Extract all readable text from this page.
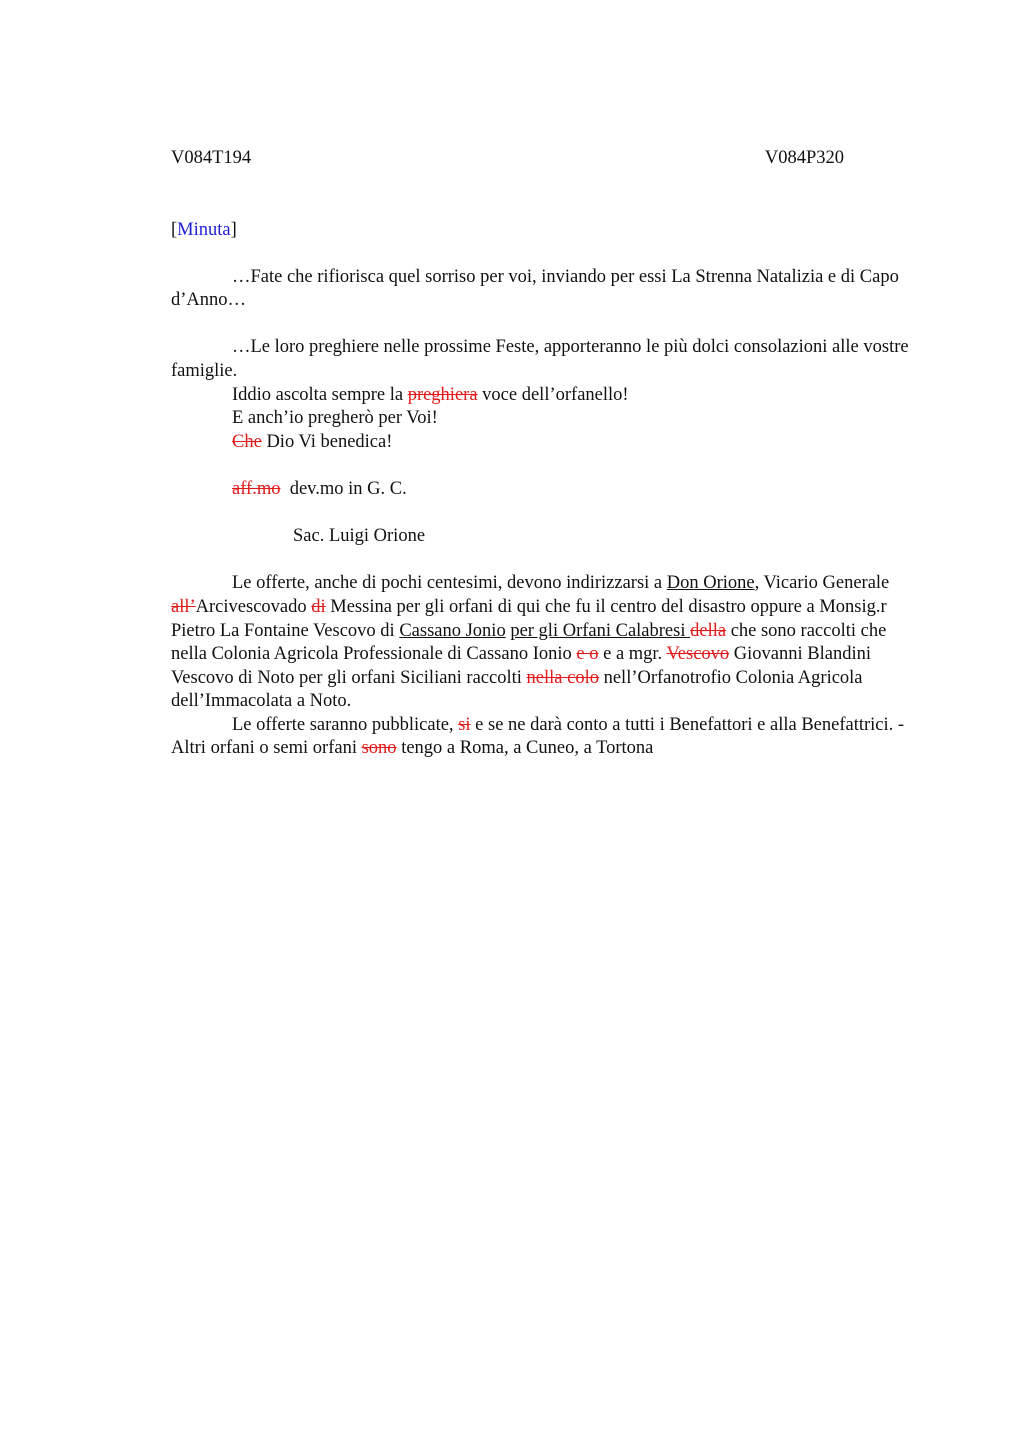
V084T194	V084P320
[Minuta]

…Fate che rifiorisca quel sorriso per voi, inviando per essi La Strenna Natalizia e di Capo d’Anno…

…Le loro preghiere nelle prossime Feste, apporteranno le più dolci consolazioni alle vostre famiglie.

Iddio ascolta sempre la preghiera voce dell’orfanello!

E anch’io pregherò per Voi!

Che Dio Vi benedica!

aff.mo  dev.mo in G. C.

Sac. Luigi Orione

Le offerte, anche di pochi centesimi, devono indirizzarsi a Don Orione, Vicario Generale all’Arcivescovado di Messina per gli orfani di qui che fu il centro del disastro oppure a Monsig.r Pietro La Fontaine Vescovo di Cassano Jonio per gli Orfani Calabresi della che sono raccolti che nella Colonia Agricola Professionale di Cassano Ionio e o e a mgr. Vescovo Giovanni Blandini Vescovo di Noto per gli orfani Siciliani raccolti nella colo nell’Orfanotrofio Colonia Agricola dell’Immacolata a Noto.

Le offerte saranno pubblicate, si e se ne darà conto a tutti i Benefattori e alla Benefattrici. - Altri orfani o semi orfani sono tengo a Roma, a Cuneo, a Tortona
